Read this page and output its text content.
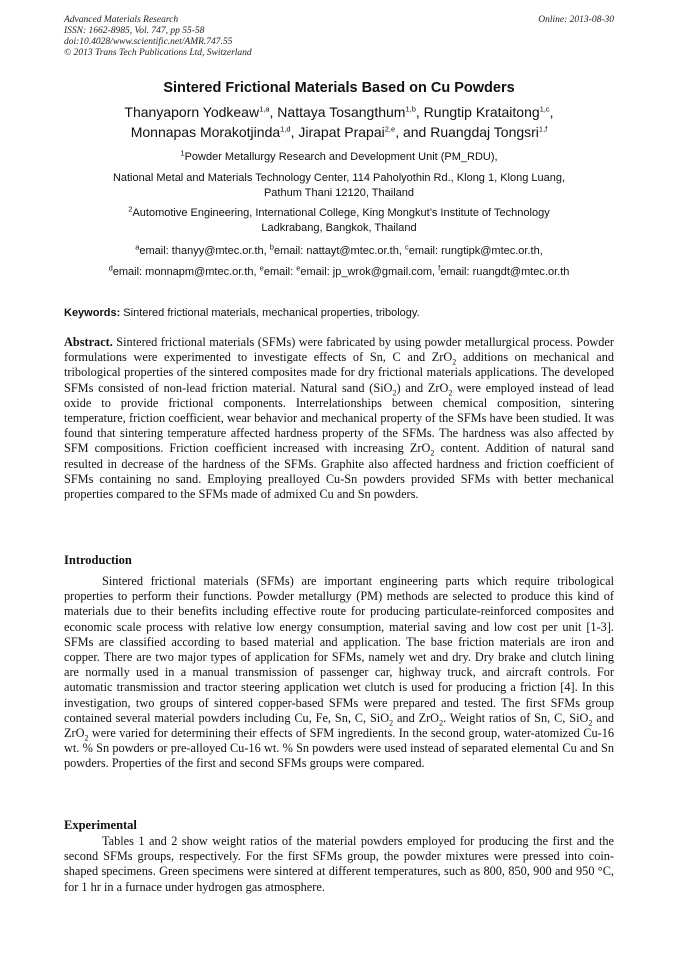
Advanced Materials Research
ISSN: 1662-8985, Vol. 747, pp 55-58
doi:10.4028/www.scientific.net/AMR.747.55
© 2013 Trans Tech Publications Ltd, Switzerland
Online: 2013-08-30
Sintered Frictional Materials Based on Cu Powders
Thanyaporn Yodkeaw$^{1,a}$, Nattaya Tosangthum$^{1,b}$, Rungtip Krataitong$^{1,c}$,
Monnapas Morakotjinda$^{1,d}$, Jirapat Prapai$^{2,e}$, and Ruangdaj Tongsri$^{1,f}$
$^1$Powder Metallurgy Research and Development Unit (PM_RDU),
National Metal and Materials Technology Center, 114 Paholyothin Rd., Klong 1, Klong Luang,
Pathum Thani 12120, Thailand
$^2$Automotive Engineering, International College, King Mongkut’s Institute of Technology
Ladkrabang, Bangkok, Thailand
$^a$email: thanyy@mtec.or.th, $^b$email: nattayt@mtec.or.th, $^c$email: rungtipk@mtec.or.th,
$^d$email: monnapm@mtec.or.th, $^e$email: $^e$email: jp_wrok@gmail.com, $^f$email: ruangdt@mtec.or.th
Keywords: Sintered frictional materials, mechanical properties, tribology.

Abstract. Sintered frictional materials (SFMs) were fabricated by using powder metallurgical process. Powder formulations were experimented to investigate effects of Sn, C and ZrO$_2$ additions on mechanical and tribological properties of the sintered composites made for dry frictional materials applications. The developed SFMs consisted of non-lead friction material. Natural sand (SiO$_2$) and ZrO$_2$ were employed instead of lead oxide to provide frictional components. Interrelationships between chemical composition, sintering temperature, friction coefficient, wear behavior and mechanical property of the SFMs have been studied. It was found that sintering temperature affected hardness property of the SFMs. The hardness was also affected by SFM compositions. Friction coefficient increased with increasing ZrO$_2$ content. Addition of natural sand resulted in decrease of the hardness of the SFMs. Graphite also affected hardness and friction coefficient of SFMs containing no sand. Employing prealloyed Cu-Sn powders provided SFMs with better mechanical properties compared to the SFMs made of admixed Cu and Sn powders.

Introduction

Sintered frictional materials (SFMs) are important engineering parts which require tribological properties to perform their functions. Powder metallurgy (PM) methods are selected to produce this kind of materials due to their benefits including effective route for producing particulate-reinforced composites and economic scale process with relative low energy consumption, material saving and low cost per unit [1-3]. SFMs are classified according to based material and application. The base friction materials are iron and copper. There are two major types of application for SFMs, namely wet and dry. Dry brake and clutch lining are normally used in a manual transmission of passenger car, highway truck, and aircraft controls. For automatic transmission and tractor steering application wet clutch is used for producing a friction [4]. In this investigation, two groups of sintered copper-based SFMs were prepared and tested. The first SFMs group contained several material powders including Cu, Fe, Sn, C, SiO$_2$ and ZrO$_2$. Weight ratios of Sn, C, SiO$_2$ and ZrO$_2$ were varied for determining their effects of SFM ingredients. In the second group, water-atomized Cu-16 wt. % Sn powders or pre-alloyed Cu-16 wt. % Sn powders were used instead of separated elemental Cu and Sn powders. Properties of the first and second SFMs groups were compared.

Experimental

Tables 1 and 2 show weight ratios of the material powders employed for producing the first and the second SFMs groups, respectively. For the first SFMs group, the powder mixtures were pressed into coin-shaped specimens. Green specimens were sintered at different temperatures, such as 800, 850, 900 and 950 °C, for 1 hr in a furnace under hydrogen gas atmosphere.
